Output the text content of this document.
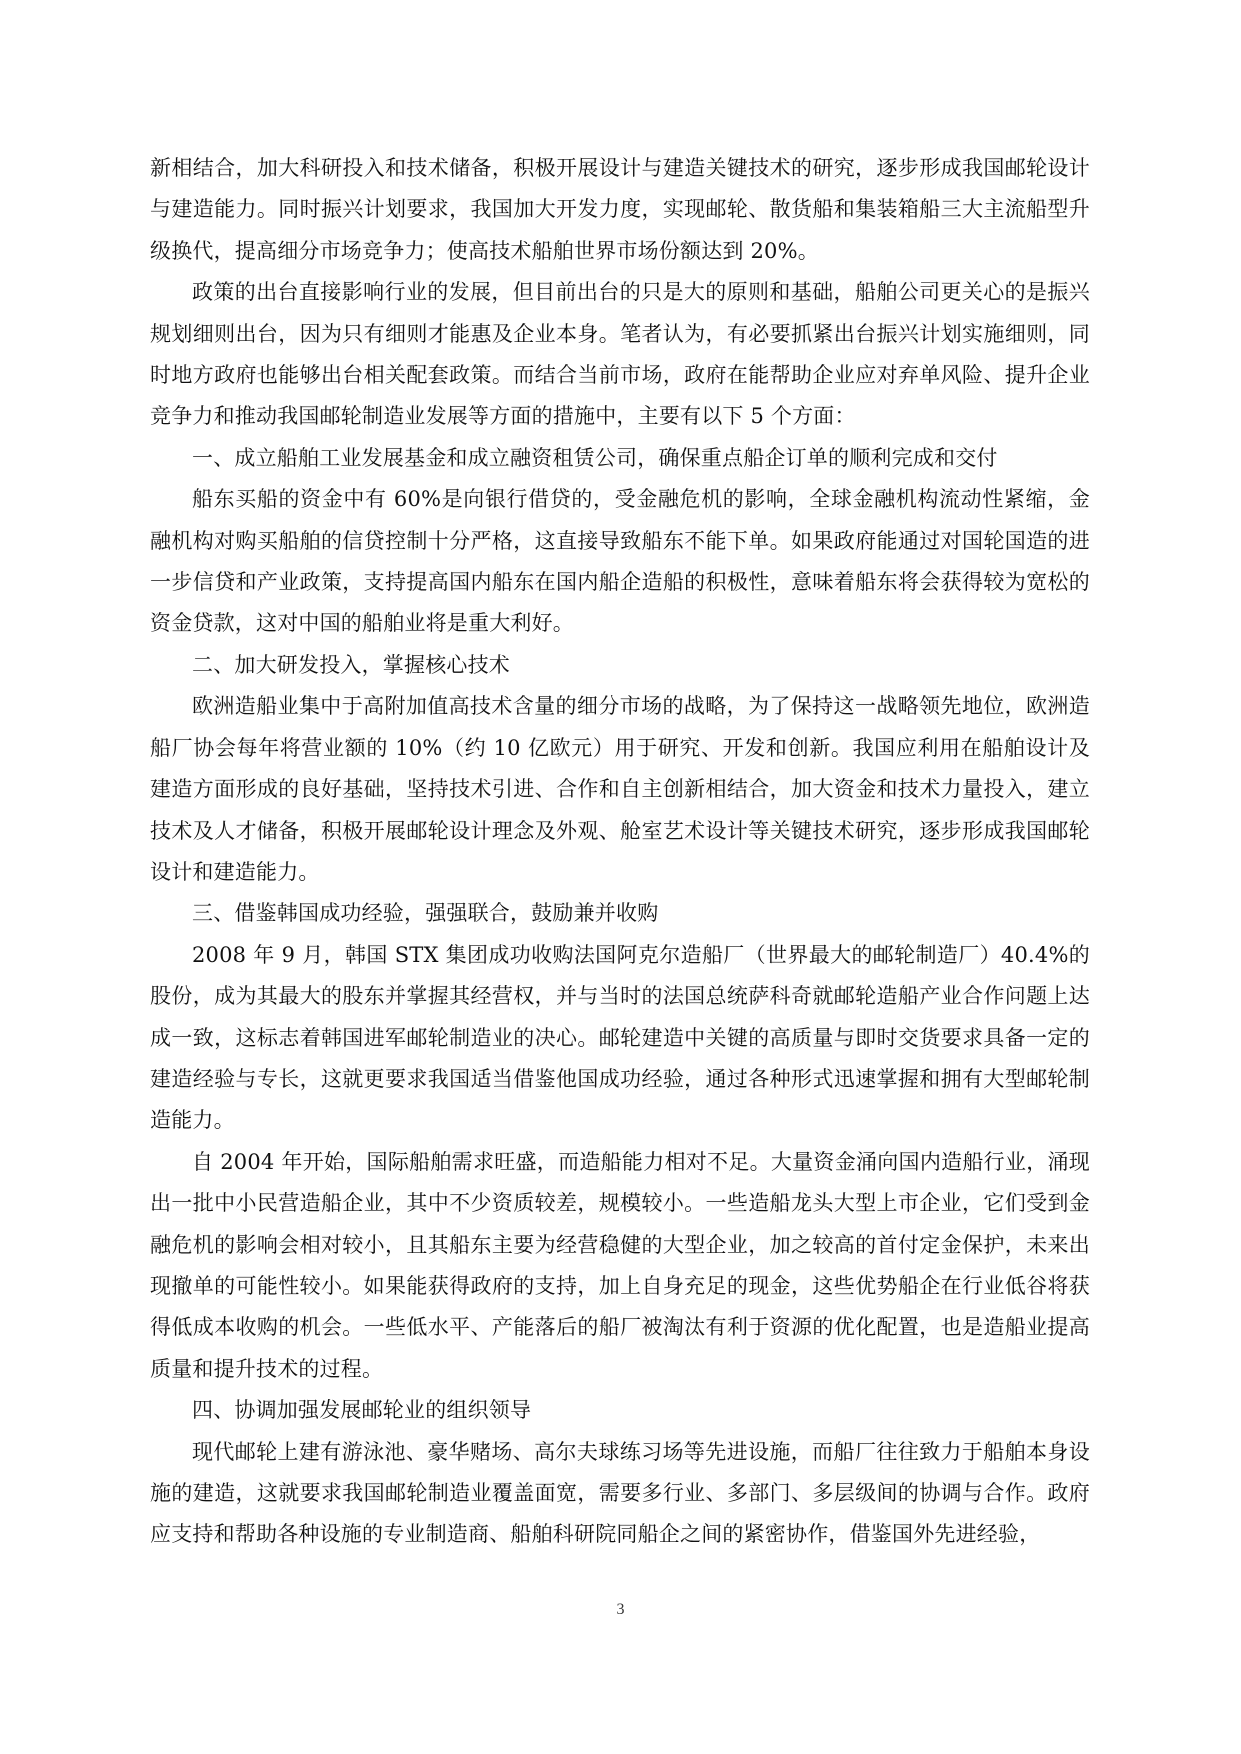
新相结合，加大科研投入和技术储备，积极开展设计与建造关键技术的研究，逐步形成我国邮轮设计与建造能力。同时振兴计划要求，我国加大开发力度，实现邮轮、散货船和集装箱船三大主流船型升级换代，提高细分市场竞争力；使高技术船舶世界市场份额达到 20%。

政策的出台直接影响行业的发展，但目前出台的只是大的原则和基础，船舶公司更关心的是振兴规划细则出台，因为只有细则才能惠及企业本身。笔者认为，有必要抓紧出台振兴计划实施细则，同时地方政府也能够出台相关配套政策。而结合当前市场，政府在能帮助企业应对弃单风险、提升企业竞争力和推动我国邮轮制造业发展等方面的措施中，主要有以下 5 个方面：

一、成立船舶工业发展基金和成立融资租赁公司，确保重点船企订单的顺利完成和交付

船东买船的资金中有 60%是向银行借贷的，受金融危机的影响，全球金融机构流动性紧缩，金融机构对购买船舶的信贷控制十分严格，这直接导致船东不能下单。如果政府能通过对国轮国造的进一步信贷和产业政策，支持提高国内船东在国内船企造船的积极性，意味着船东将会获得较为宽松的资金贷款，这对中国的船舶业将是重大利好。

二、加大研发投入，掌握核心技术

欧洲造船业集中于高附加值高技术含量的细分市场的战略，为了保持这一战略领先地位，欧洲造船厂协会每年将营业额的 10%（约 10 亿欧元）用于研究、开发和创新。我国应利用在船舶设计及建造方面形成的良好基础，坚持技术引进、合作和自主创新相结合，加大资金和技术力量投入，建立技术及人才储备，积极开展邮轮设计理念及外观、舱室艺术设计等关键技术研究，逐步形成我国邮轮设计和建造能力。

三、借鉴韩国成功经验，强强联合，鼓励兼并收购

2008 年 9 月，韩国 STX 集团成功收购法国阿克尔造船厂（世界最大的邮轮制造厂）40.4%的股份，成为其最大的股东并掌握其经营权，并与当时的法国总统萨科奇就邮轮造船产业合作问题上达成一致，这标志着韩国进军邮轮制造业的决心。邮轮建造中关键的高质量与即时交货要求具备一定的建造经验与专长，这就更要求我国适当借鉴他国成功经验，通过各种形式迅速掌握和拥有大型邮轮制造能力。

自 2004 年开始，国际船舶需求旺盛，而造船能力相对不足。大量资金涌向国内造船行业，涌现出一批中小民营造船企业，其中不少资质较差，规模较小。一些造船龙头大型上市企业，它们受到金融危机的影响会相对较小，且其船东主要为经营稳健的大型企业，加之较高的首付定金保护，未来出现撤单的可能性较小。如果能获得政府的支持，加上自身充足的现金，这些优势船企在行业低谷将获得低成本收购的机会。一些低水平、产能落后的船厂被淘汰有利于资源的优化配置，也是造船业提高质量和提升技术的过程。

四、协调加强发展邮轮业的组织领导

现代邮轮上建有游泳池、豪华赌场、高尔夫球练习场等先进设施，而船厂往往致力于船舶本身设施的建造，这就要求我国邮轮制造业覆盖面宽，需要多行业、多部门、多层级间的协调与合作。政府应支持和帮助各种设施的专业制造商、船舶科研院同船企之间的紧密协作，借鉴国外先进经验，

3
